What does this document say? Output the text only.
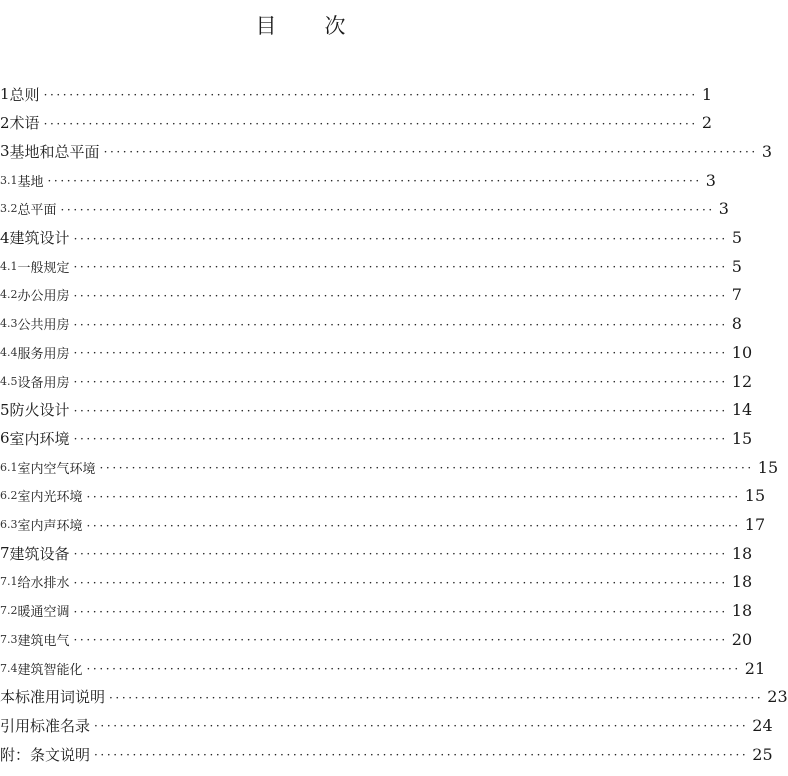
目 次
1 总则 ······································································································ 1
2 术语 ······································································································ 2
3 基地和总平面 ······································································································ 3
3.1 基地 ······································································································ 3
3.2 总平面 ······································································································ 3
4 建筑设计 ······································································································ 5
4.1 一般规定 ······································································································ 5
4.2 办公用房 ······································································································ 7
4.3 公共用房 ······································································································ 8
4.4 服务用房 ······································································································ 10
4.5 设备用房 ······································································································ 12
5 防火设计 ······································································································ 14
6 室内环境 ······································································································ 15
6.1 室内空气环境 ······································································································ 15
6.2 室内光环境 ······································································································ 15
6.3 室内声环境 ······································································································ 17
7 建筑设备 ······································································································ 18
7.1 给水排水 ······································································································ 18
7.2 暖通空调 ······································································································ 18
7.3 建筑电气 ······································································································ 20
7.4 建筑智能化 ······································································································ 21
本标准用词说明 ······································································································ 23
引用标准名录 ······································································································ 24
附：条文说明 ······································································································ 25
